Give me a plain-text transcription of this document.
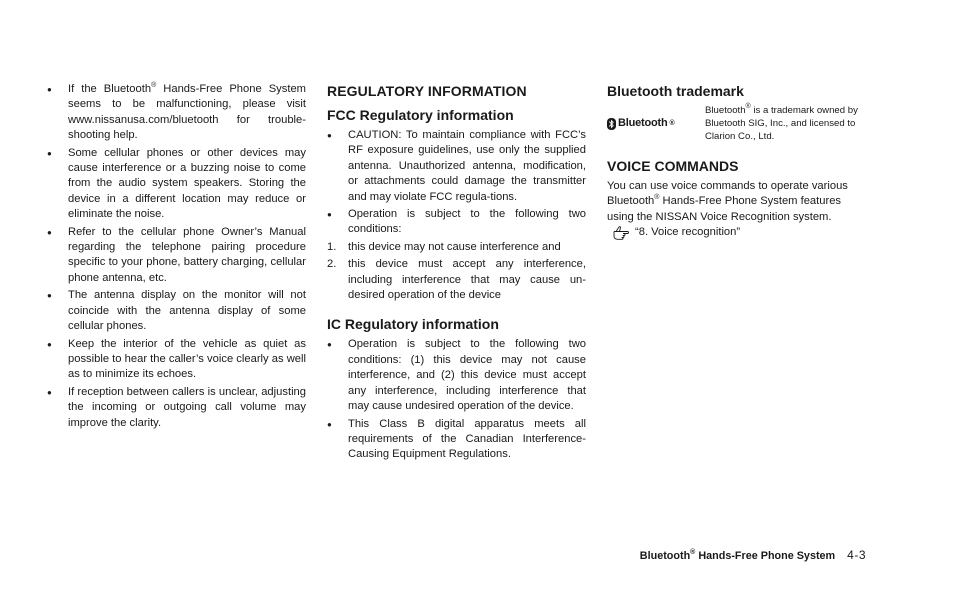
● If the Bluetooth® Hands-Free Phone System seems to be malfunctioning, please visit www.nissanusa.com/bluetooth for trouble-shooting help.
● Some cellular phones or other devices may cause interference or a buzzing noise to come from the audio system speakers. Storing the device in a different location may reduce or eliminate the noise.
● Refer to the cellular phone Owner’s Manual regarding the telephone pairing procedure specific to your phone, battery charging, cellular phone antenna, etc.
● The antenna display on the monitor will not coincide with the antenna display of some cellular phones.
● Keep the interior of the vehicle as quiet as possible to hear the caller’s voice clearly as well as to minimize its echoes.
● If reception between callers is unclear, adjusting the incoming or outgoing call volume may improve the clarity.
REGULATORY INFORMATION
FCC Regulatory information
● CAUTION: To maintain compliance with FCC’s RF exposure guidelines, use only the supplied antenna. Unauthorized antenna, modification, or attachments could damage the transmitter and may violate FCC regula-tions.
● Operation is subject to the following two conditions:
1. this device may not cause interference and
2. this device must accept any interference, including interference that may cause un-desired operation of the device
IC Regulatory information
● Operation is subject to the following two conditions: (1) this device may not cause interference, and (2) this device must accept any interference, including interference that may cause undesired operation of the device.
● This Class B digital apparatus meets all requirements of the Canadian Interference-Causing Equipment Regulations.
Bluetooth trademark
Bluetooth ®
Bluetooth® is a trademark owned by Bluetooth SIG, Inc., and licensed to Clarion Co., Ltd.
VOICE COMMANDS
You can use voice commands to operate various Bluetooth® Hands-Free Phone System features using the NISSAN Voice Recognition system.
“8. Voice recognition”
Bluetooth® Hands-Free Phone System 4-3
